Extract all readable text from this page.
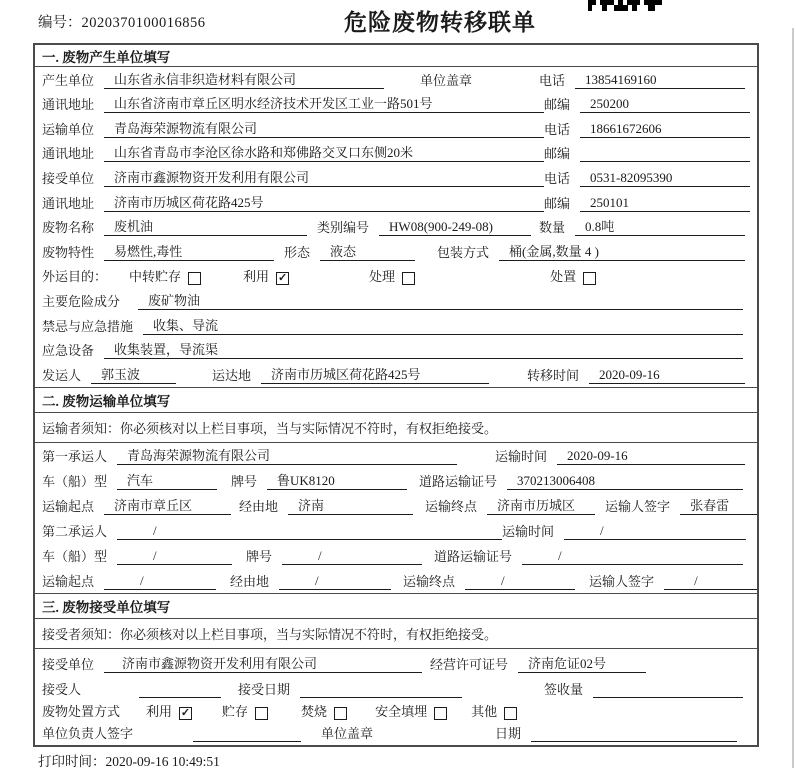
编号：2020370100016856	危险废物转移联单
一. 废物产生单位填写
产生单位	山东省永信非织造材料有限公司	单位盖章	电话	13854169160
通讯地址	山东省济南市章丘区明水经济技术开发区工业一路501号	邮编	250200
运输单位	青岛海荣源物流有限公司	电话	18661672606
通讯地址	山东省青岛市李沧区徐水路和郑佛路交叉口东侧20米	邮编
接受单位	济南市鑫源物资开发利用有限公司	电话	0531-82095390
通讯地址	济南市历城区荷花路425号	邮编	250101
废物名称	废机油	类别编号	HW08(900-249-08)	数量	0.8吨
废物特性	易燃性,毒性	形态	液态	包装方式	桶(金属,数量 4 )
外运目的： 中转贮存	利用 ✓	处理	处置
主要危险成分	废矿物油
禁忌与应急措施	收集、导流
应急设备	收集装置，导流渠
发运人	郭玉波	运达地	济南市历城区荷花路425号	转移时间	2020-09-16
二. 废物运输单位填写
运输者须知：你必须核对以上栏目事项，当与实际情况不符时，有权拒绝接受。
第一承运人	青岛海荣源物流有限公司	运输时间	2020-09-16
车（船）型	汽车	牌号	鲁UK8120	道路运输证号	370213006408
运输起点	济南市章丘区	经由地	济南	运输终点	济南市历城区	运输人签字	张春雷
第二承运人	/	运输时间	/
车（船）型	/	牌号	/	道路运输证号	/
运输起点	/	经由地	/	运输终点	/	运输人签字	/
三. 废物接受单位填写
接受者须知：你必须核对以上栏目事项，当与实际情况不符时，有权拒绝接受。
接受单位	济南市鑫源物资开发利用有限公司	经营许可证号	济南危证02号
接受人	接受日期	签收量
废物处置方式 利用 ✓ 贮存	焚烧	安全填埋	其他
单位负责人签字	单位盖章	日期
打印时间：2020-09-16 10:49:51
